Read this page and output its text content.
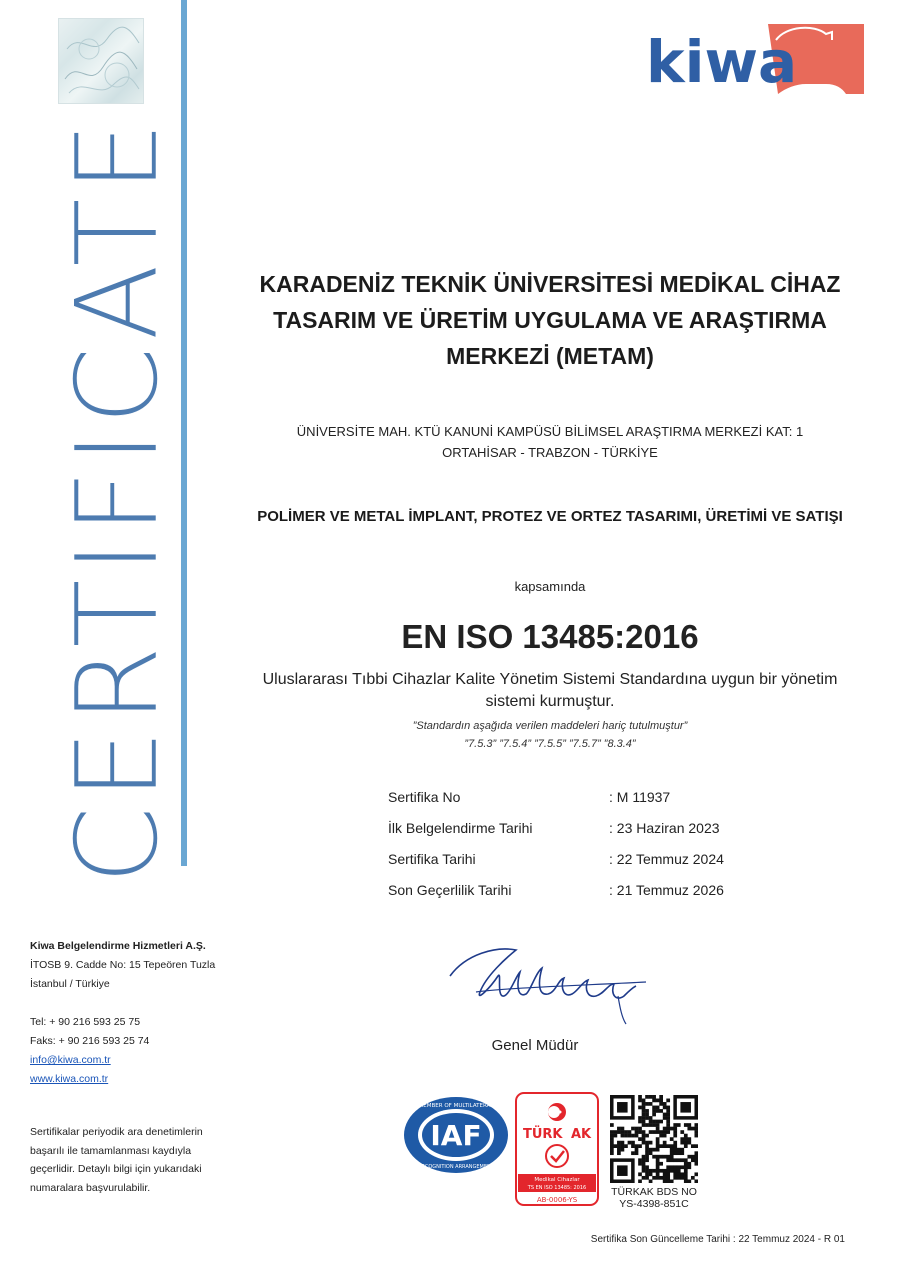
CERTIFICATE
kiwa
KARADENİZ TEKNİK ÜNİVERSİTESİ MEDİKAL CİHAZ
TASARIM VE ÜRETİM UYGULAMA VE ARAŞTIRMA
MERKEZİ (METAM)
ÜNİVERSİTE MAH. KTÜ KANUNİ KAMPÜSÜ BİLİMSEL ARAŞTIRMA MERKEZİ KAT: 1
ORTAHİSAR - TRABZON - TÜRKİYE
POLİMER VE METAL İMPLANT, PROTEZ VE ORTEZ TASARIMI, ÜRETİMİ VE SATIŞI
kapsamında
EN ISO 13485:2016
Uluslararası Tıbbi Cihazlar Kalite Yönetim Sistemi Standardına uygun bir yönetim
sistemi kurmuştur.
”Standardın aşağıda verilen maddeleri hariç tutulmuştur”
”7.5.3” ”7.5.4” ”7.5.5” ”7.5.7” ”8.3.4”
Sertifika No	: M 11937
İlk Belgelendirme Tarihi	: 23 Haziran 2023
Sertifika Tarihi	: 22 Temmuz 2024
Son Geçerlilik Tarihi	: 21 Temmuz 2026
Genel Müdür
Kiwa Belgelendirme Hizmetleri A.Ş.
İTOSB 9. Cadde No: 15 Tepeören Tuzla
İstanbul / Türkiye
Tel: + 90 216 593 25 75
Faks: + 90 216 593 25 74
info@kiwa.com.tr
www.kiwa.com.tr
Sertifikalar periyodik ara denetimlerin
başarılı ile tamamlanması kaydıyla
geçerlidir. Detaylı bilgi için yukarıdaki
numaralara başvurulabilir.
IAF
MEMBER OF MULTILATERAL
RECOGNITION ARRANGEMENT
TÜRK AK
Medikal Cihazlar
TS EN ISO 13485: 2016
AB-0006-YS
TÜRKAK BDS NO
YS-4398-851C
Sertifika Son Güncelleme Tarihi : 22 Temmuz 2024 - R 01
